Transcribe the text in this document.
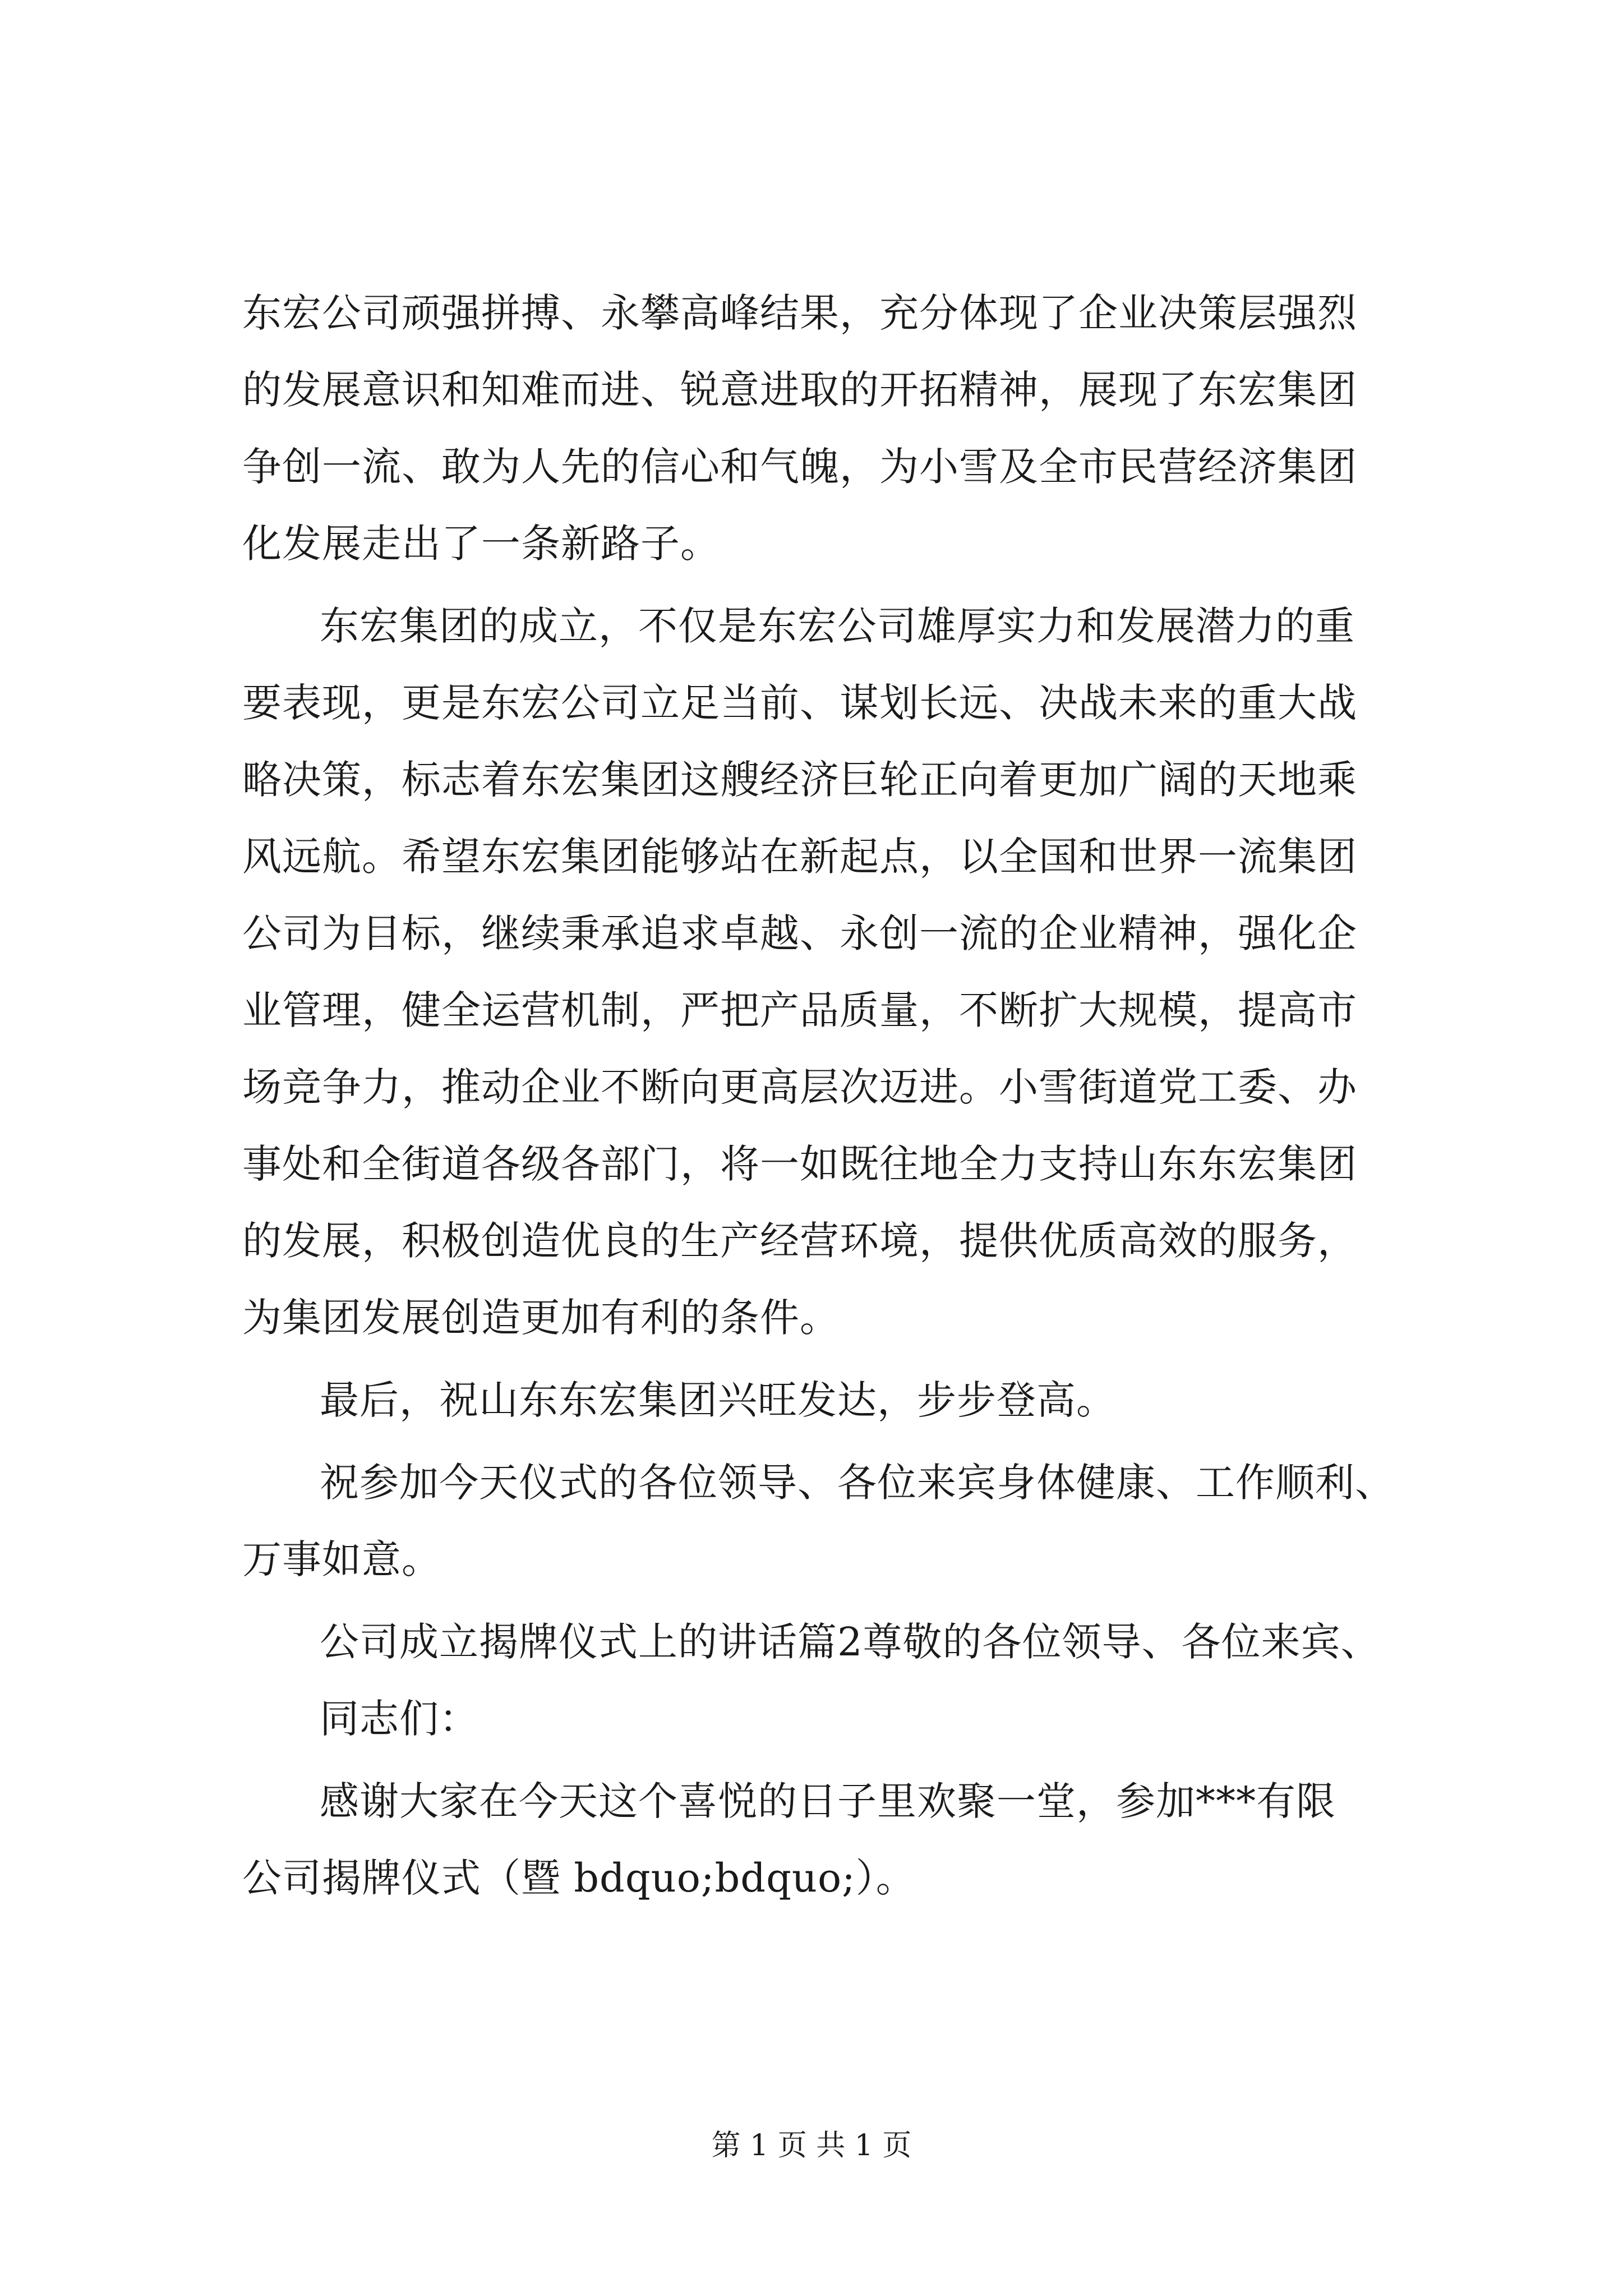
东宏公司顽强拼搏、永攀高峰结果，充分体现了企业决策层强烈
的发展意识和知难而进、锐意进取的开拓精神，展现了东宏集团
争创一流、敢为人先的信心和气魄，为小雪及全市民营经济集团
化发展走出了一条新路子。
东宏集团的成立，不仅是东宏公司雄厚实力和发展潜力的重
要表现，更是东宏公司立足当前、谋划长远、决战未来的重大战
略决策，标志着东宏集团这艘经济巨轮正向着更加广阔的天地乘
风远航。希望东宏集团能够站在新起点，以全国和世界一流集团
公司为目标，继续秉承追求卓越、永创一流的企业精神，强化企
业管理，健全运营机制，严把产品质量，不断扩大规模，提高市
场竞争力，推动企业不断向更高层次迈进。小雪街道党工委、办
事处和全街道各级各部门，将一如既往地全力支持山东东宏集团
的发展，积极创造优良的生产经营环境，提供优质高效的服务，
为集团发展创造更加有利的条件。
最后，祝山东东宏集团兴旺发达，步步登高。
祝参加今天仪式的各位领导、各位来宾身体健康、工作顺利、
万事如意。
公司成立揭牌仪式上的讲话篇2尊敬的各位领导、各位来宾、
同志们：
感谢大家在今天这个喜悦的日子里欢聚一堂，参加***有限
公司揭牌仪式（暨 bdquo;bdquo;）。
第 1 页 共 1 页
